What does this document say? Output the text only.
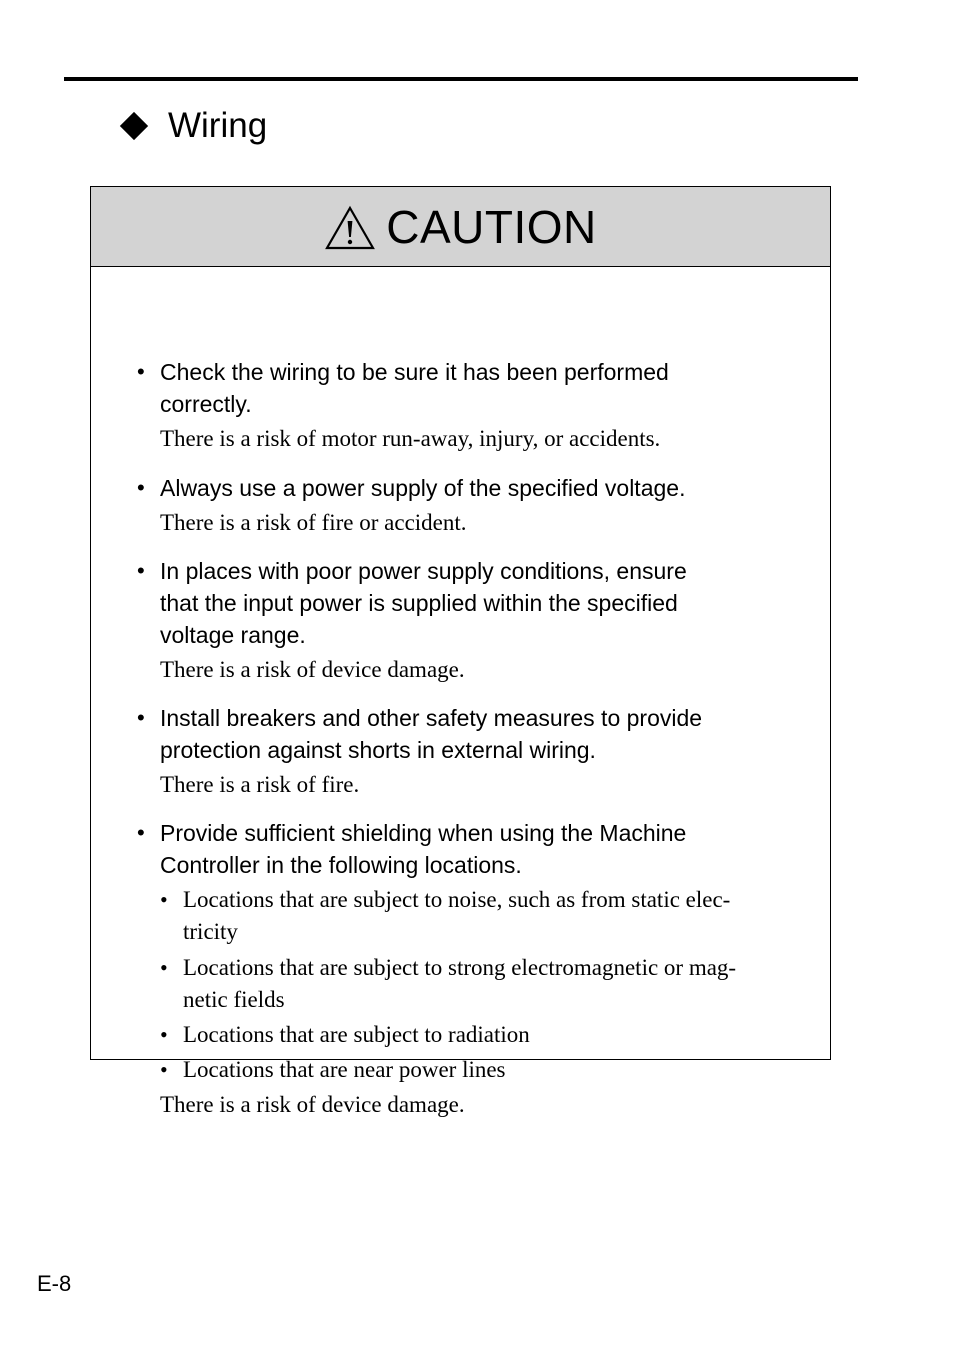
Wiring
CAUTION
• Check the wiring to be sure it has been performed
correctly.
There is a risk of motor run-away, injury, or accidents.
• Always use a power supply of the specified voltage.
There is a risk of fire or accident.
• In places with poor power supply conditions, ensure
that the input power is supplied within the specified
voltage range.
There is a risk of device damage.
• Install breakers and other safety measures to provide
protection against shorts in external wiring.
There is a risk of fire.
• Provide sufficient shielding when using the Machine
Controller in the following locations.
• Locations that are subject to noise, such as from static elec-
tricity
• Locations that are subject to strong electromagnetic or mag-
netic fields
• Locations that are subject to radiation
• Locations that are near power lines
There is a risk of device damage.
E-8
